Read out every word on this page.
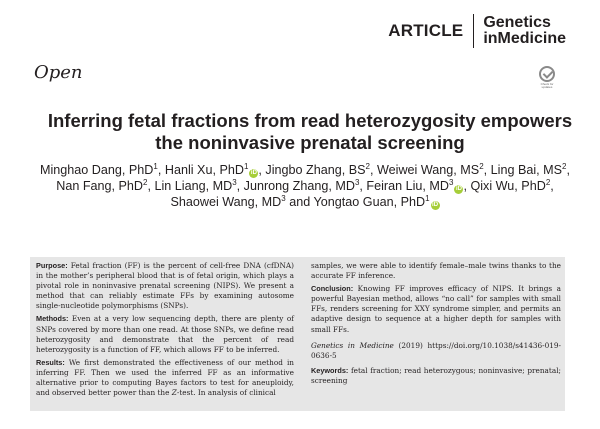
ARTICLE Genetics
inMedicine
Open
Check for updates
Inferring fetal fractions from read heterozygosity empowers
the noninvasive prenatal screening
Minghao Dang, PhD$^1$, Hanli Xu, PhD$^1$iD , Jingbo Zhang, $BS^2$, Weiwei Wang, $MS^2$, Ling Bai, $MS^2$,
Nan Fang, PhD$^2$, Lin Liang, $MD^3$, Junrong Zhang, $MD^3$, Feiran Liu, $MD^3iD$ , Qixi Wu, PhD$^2$,
Shaowei Wang, $MD^3$ and Yongtao Guan, PhD$^1$iD

Purpose: Fetal fraction (FF) is the percent of cell-free DNA (cfDNA) in the mother’s peripheral blood that is of fetal origin, which plays a pivotal role in noninvasive prenatal screening (NIPS). We present a method that can reliably estimate FFs by examining autosome single-nucleotide polymorphisms (SNPs).

Methods: Even at a very low sequencing depth, there are plenty of SNPs covered by more than one read. At those SNPs, we define read heterozygosity and demonstrate that the percent of read heterozygosity is a function of FF, which allows FF to be inferred.

Results: We first demonstrated the effectiveness of our method in inferring FF. Then we used the inferred FF as an informative alternative prior to computing Bayes factors to test for aneuploidy, and observed better power than the Z-test. In analysis of clinical

samples, we were able to identify female–male twins thanks to the accurate FF inference.

Conclusion: Knowing FF improves efficacy of NIPS. It brings a powerful Bayesian method, allows “no call” for samples with small FFs, renders screening for XXY syndrome simpler, and permits an adaptive design to sequence at a higher depth for samples with small FFs.

Genetics in Medicine (2019) https://doi.org/10.1038/s41436-019-0636-5

Keywords: fetal fraction; read heterozygous; noninvasive; prenatal; screening
